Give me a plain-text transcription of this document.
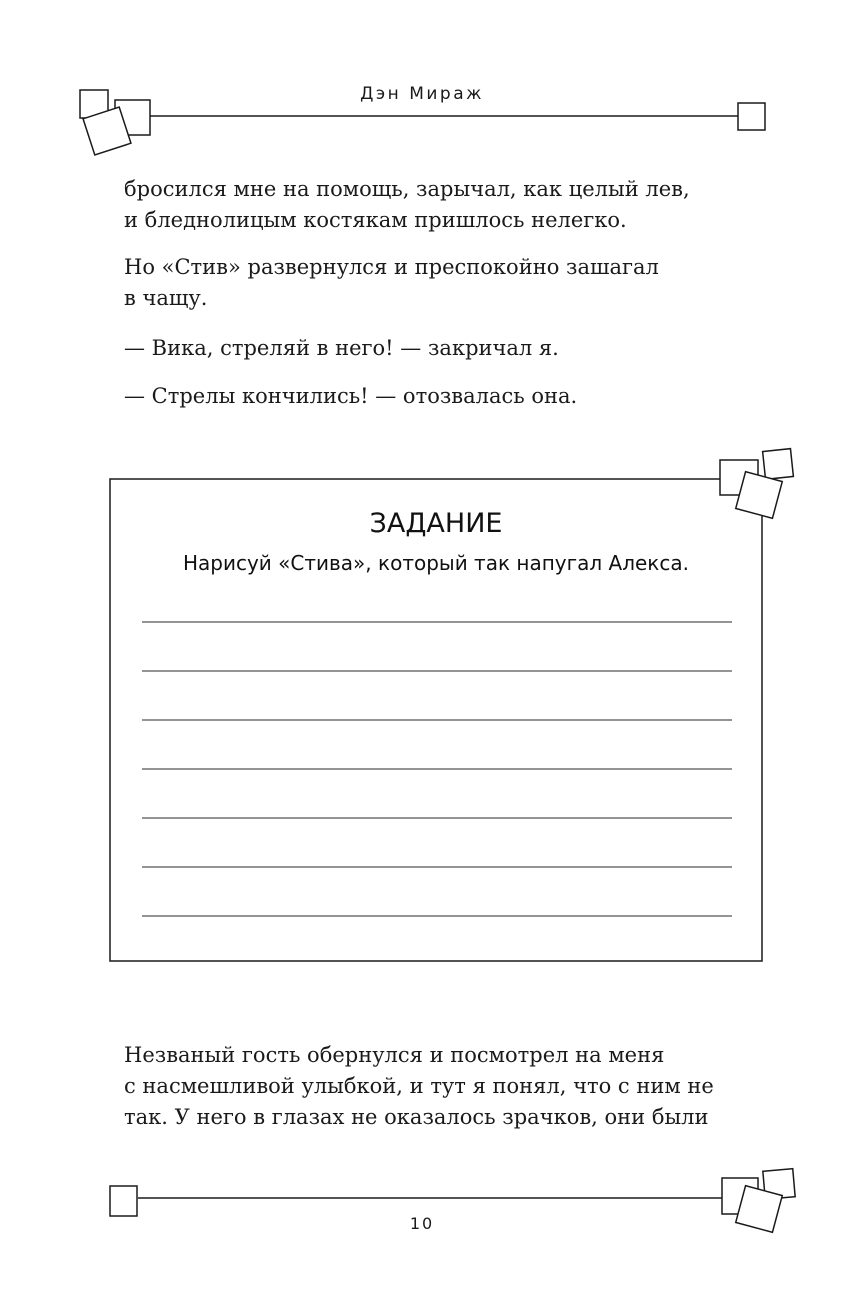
Дэн Мираж

бросился мне на помощь, зарычал, как целый лев,
и бледнолицым костякам пришлось нелегко.

Но «Стив» развернулся и преспокойно зашагал
в чащу.

— Вика, стреляй в него! — закричал я.

— Стрелы кончились! — отозвалась она.

ЗАДАНИЕ
Нарисуй «Стива», который так напугал Алекса.

Незваный гость обернулся и посмотрел на меня
с насмешливой улыбкой, и тут я понял, что с ним не
так. У него в глазах не оказалось зрачков, они были

10
